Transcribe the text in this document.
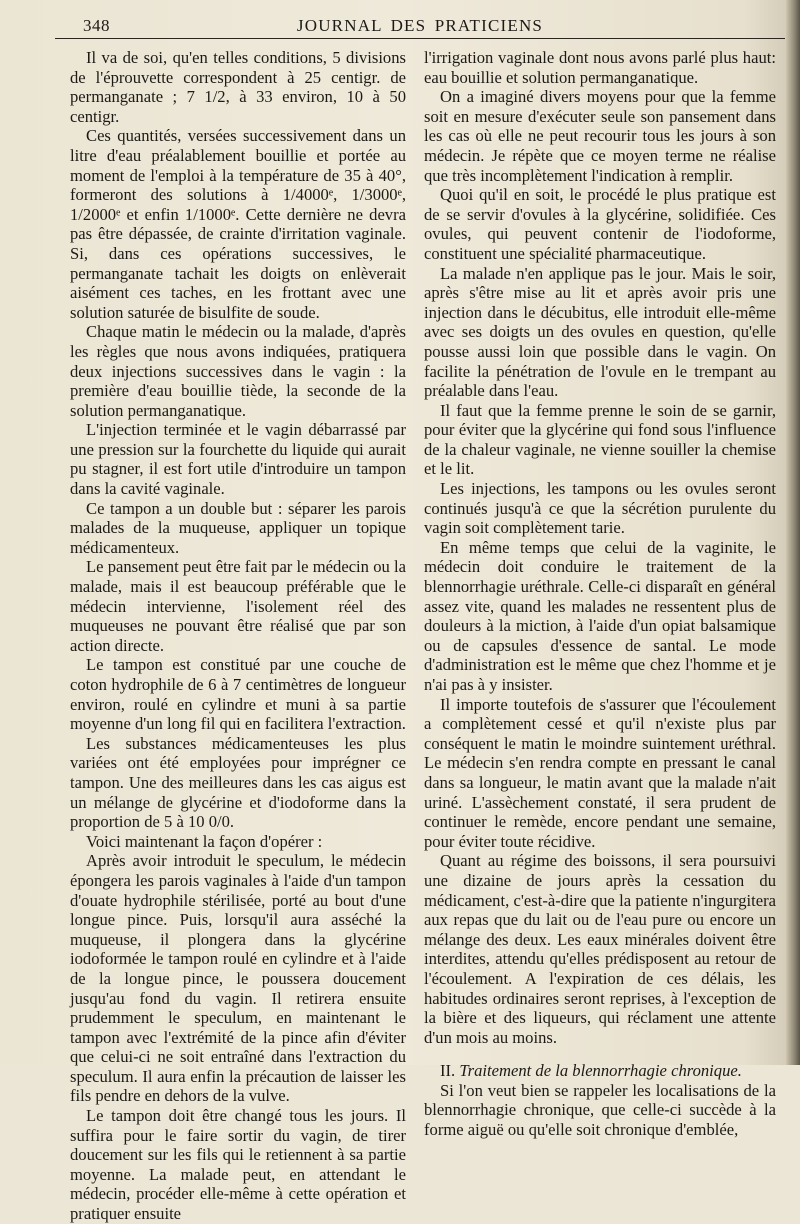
348	JOURNAL DES PRATICIENS

Il va de soi, qu'en telles conditions, 5 divisions de l'éprouvette correspondent à 25 centigr. de permanganate ; 7 1/2, à 33 environ, 10 à 50 centigr.

Ces quantités, versées successivement dans un litre d'eau préalablement bouillie et portée au moment de l'emploi à la température de 35 à 40°, formeront des solutions à 1/4000ᵉ, 1/3000ᵉ, 1/2000ᵉ et enfin 1/1000ᵉ. Cette dernière ne devra pas être dépassée, de crainte d'irritation vaginale. Si, dans ces opérations successives, le permanganate tachait les doigts on enlèverait aisément ces taches, en les frottant avec une solution saturée de bisulfite de soude.

Chaque matin le médecin ou la malade, d'après les règles que nous avons indiquées, pratiquera deux injections successives dans le vagin : la première d'eau bouillie tiède, la seconde de la solution permanganatique.

L'injection terminée et le vagin débarrassé par une pression sur la fourchette du liquide qui aurait pu stagner, il est fort utile d'introduire un tampon dans la cavité vaginale.

Ce tampon a un double but : séparer les parois malades de la muqueuse, appliquer un topique médicamenteux.

Le pansement peut être fait par le médecin ou la malade, mais il est beaucoup préférable que le médecin intervienne, l'isolement réel des muqueuses ne pouvant être réalisé que par son action directe.

Le tampon est constitué par une couche de coton hydrophile de 6 à 7 centimètres de longueur environ, roulé en cylindre et muni à sa partie moyenne d'un long fil qui en facilitera l'extraction.

Les substances médicamenteuses les plus variées ont été employées pour imprégner ce tampon. Une des meilleures dans les cas aigus est un mélange de glycérine et d'iodoforme dans la proportion de 5 à 10 0/0.

Voici maintenant la façon d'opérer :

Après avoir introduit le speculum, le médecin épongera les parois vaginales à l'aide d'un tampon d'ouate hydrophile stérilisée, porté au bout d'une longue pince. Puis, lorsqu'il aura asséché la muqueuse, il plongera dans la glycérine iodoformée le tampon roulé en cylindre et à l'aide de la longue pince, le poussera doucement jusqu'au fond du vagin. Il retirera ensuite prudemment le speculum, en maintenant le tampon avec l'extrémité de la pince afin d'éviter que celui-ci ne soit entraîné dans l'extraction du speculum. Il aura enfin la précaution de laisser les fils pendre en dehors de la vulve.

Le tampon doit être changé tous les jours. Il suffira pour le faire sortir du vagin, de tirer doucement sur les fils qui le retiennent à sa partie moyenne. La malade peut, en attendant le médecin, procéder elle-même à cette opération et pratiquer ensuite

l'irrigation vaginale dont nous avons parlé plus haut: eau bouillie et solution permanganatique.

On a imaginé divers moyens pour que la femme soit en mesure d'exécuter seule son pansement dans les cas où elle ne peut recourir tous les jours à son médecin. Je répète que ce moyen terme ne réalise que très incomplètement l'indication à remplir.

Quoi qu'il en soit, le procédé le plus pratique est de se servir d'ovules à la glycérine, solidifiée. Ces ovules, qui peuvent contenir de l'iodoforme, constituent une spécialité pharmaceutique.

La malade n'en applique pas le jour. Mais le soir, après s'être mise au lit et après avoir pris une injection dans le décubitus, elle introduit elle-même avec ses doigts un des ovules en question, qu'elle pousse aussi loin que possible dans le vagin. On facilite la pénétration de l'ovule en le trempant au préalable dans l'eau.

Il faut que la femme prenne le soin de se garnir, pour éviter que la glycérine qui fond sous l'influence de la chaleur vaginale, ne vienne souiller la chemise et le lit.

Les injections, les tampons ou les ovules seront continués jusqu'à ce que la sécrétion purulente du vagin soit complètement tarie.

En même temps que celui de la vaginite, le médecin doit conduire le traitement de la blennorrhagie uréthrale. Celle-ci disparaît en général assez vite, quand les malades ne ressentent plus de douleurs à la miction, à l'aide d'un opiat balsamique ou de capsules d'essence de santal. Le mode d'administration est le même que chez l'homme et je n'ai pas à y insister.

Il importe toutefois de s'assurer que l'écoulement a complètement cessé et qu'il n'existe plus par conséquent le matin le moindre suintement uréthral. Le médecin s'en rendra compte en pressant le canal dans sa longueur, le matin avant que la malade n'ait uriné. L'assèchement constaté, il sera prudent de continuer le remède, encore pendant une semaine, pour éviter toute récidive.

Quant au régime des boissons, il sera poursuivi une dizaine de jours après la cessation du médicament, c'est-à-dire que la patiente n'ingurgitera aux repas que du lait ou de l'eau pure ou encore un mélange des deux. Les eaux minérales doivent être interdites, attendu qu'elles prédisposent au retour de l'écoulement. A l'expiration de ces délais, les habitudes ordinaires seront reprises, à l'exception de la bière et des liqueurs, qui réclament une attente d'un mois au moins.

II. Traitement de la blennorrhagie chronique.

Si l'on veut bien se rappeler les localisations de la blennorrhagie chronique, que celle-ci succède à la forme aiguë ou qu'elle soit chronique d'emblée,
